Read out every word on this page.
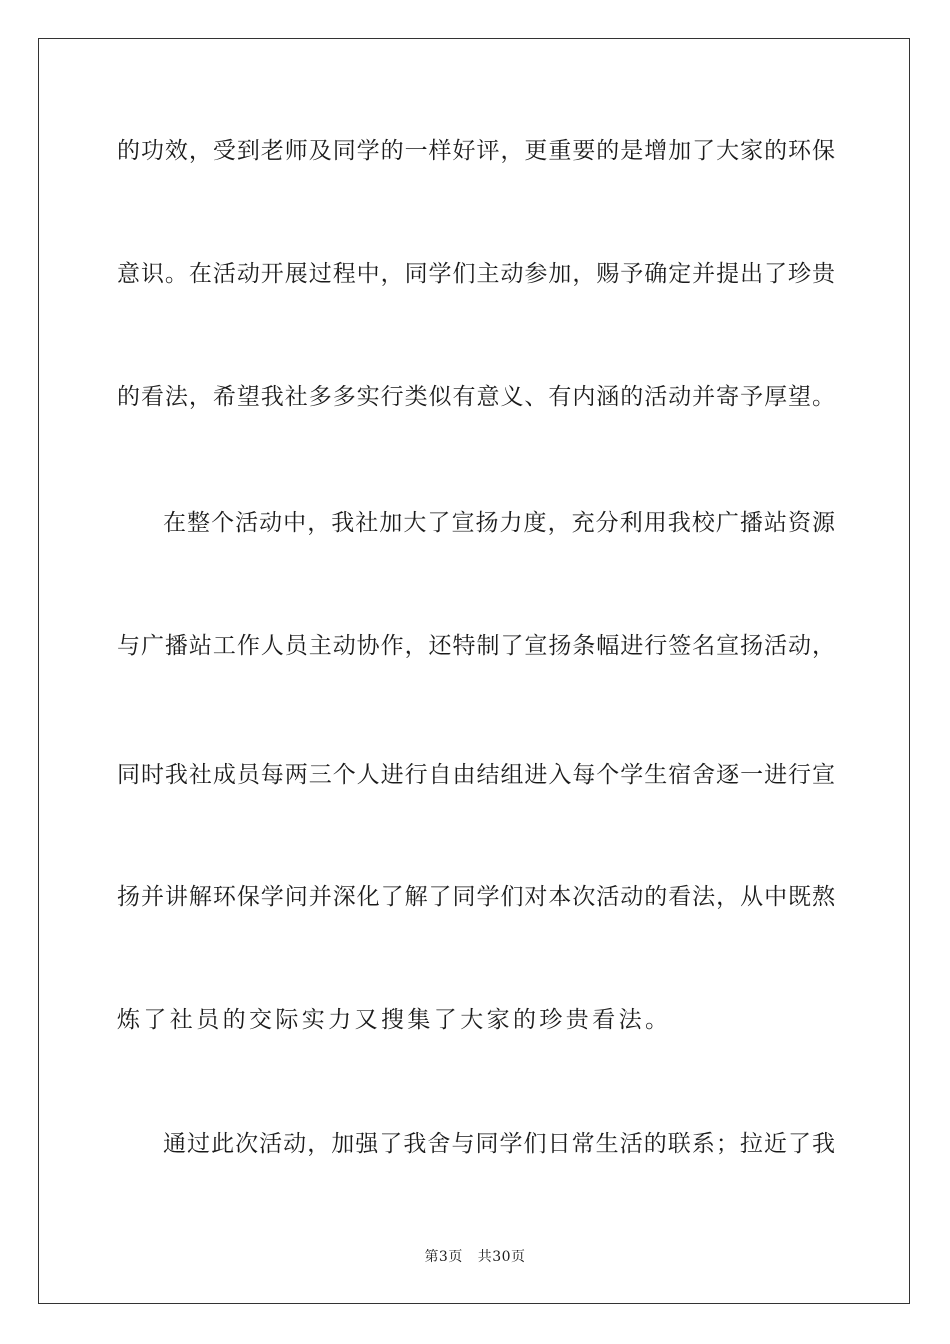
的功效，受到老师及同学的一样好评，更重要的是增加了大家的环保
意识。在活动开展过程中，同学们主动参加，赐予确定并提出了珍贵
的看法，希望我社多多实行类似有意义、有内涵的活动并寄予厚望。
在整个活动中，我社加大了宣扬力度，充分利用我校广播站资源
与广播站工作人员主动协作，还特制了宣扬条幅进行签名宣扬活动，
同时我社成员每两三个人进行自由结组进入每个学生宿舍逐一进行宣
扬并讲解环保学问并深化了解了同学们对本次活动的看法，从中既熬
炼了社员的交际实力又搜集了大家的珍贵看法。
通过此次活动，加强了我舍与同学们日常生活的联系；拉近了我
第3页 共30页
